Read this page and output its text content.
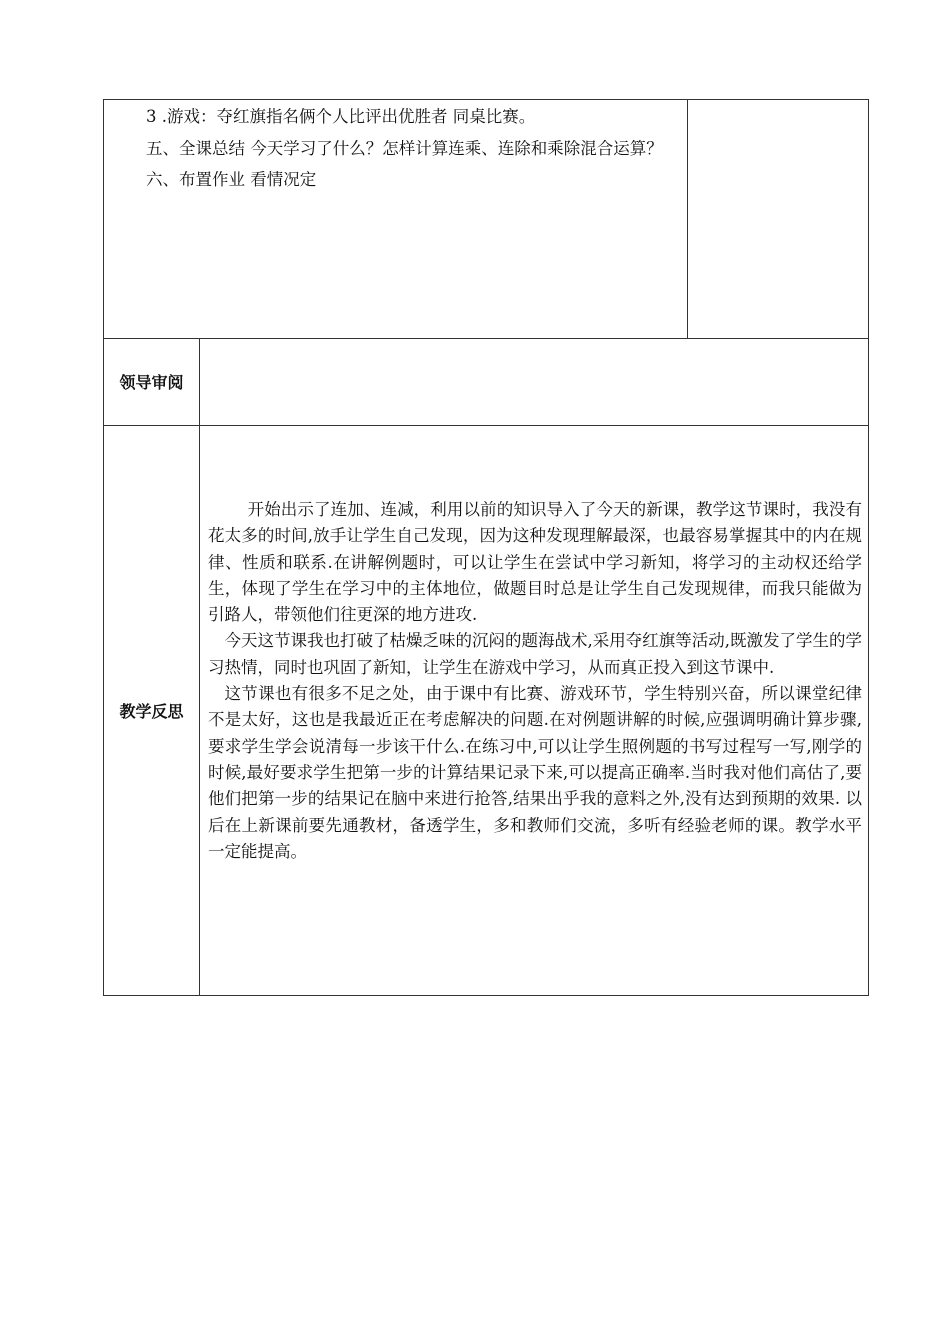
3 .游戏：夺红旗指名俩个人比评出优胜者 同桌比赛。

五、全课总结 今天学习了什么？怎样计算连乘、连除和乘除混合运算？

六、布置作业 看情况定

领导审阅
教学反思

开始出示了连加、连减，利用以前的知识导入了今天的新课，教学这节课时，我没有花太多的时间,放手让学生自己发现，因为这种发现理解最深，也最容易掌握其中的内在规律、性质和联系.在讲解例题时，可以让学生在尝试中学习新知，将学习的主动权还给学生，体现了学生在学习中的主体地位，做题目时总是让学生自己发现规律，而我只能做为引路人，带领他们往更深的地方进攻.

今天这节课我也打破了枯燥乏味的沉闷的题海战术,采用夺红旗等活动,既激发了学生的学习热情，同时也巩固了新知，让学生在游戏中学习，从而真正投入到这节课中.

这节课也有很多不足之处，由于课中有比赛、游戏环节，学生特别兴奋，所以课堂纪律不是太好，这也是我最近正在考虑解决的问题.在对例题讲解的时候,应强调明确计算步骤,要求学生学会说清每一步该干什么.在练习中,可以让学生照例题的书写过程写一写,刚学的时候,最好要求学生把第一步的计算结果记录下来,可以提高正确率.当时我对他们高估了,要他们把第一步的结果记在脑中来进行抢答,结果出乎我的意料之外,没有达到预期的效果. 以后在上新课前要先通教材，备透学生，多和教师们交流，多听有经验老师的课。教学水平一定能提高。
